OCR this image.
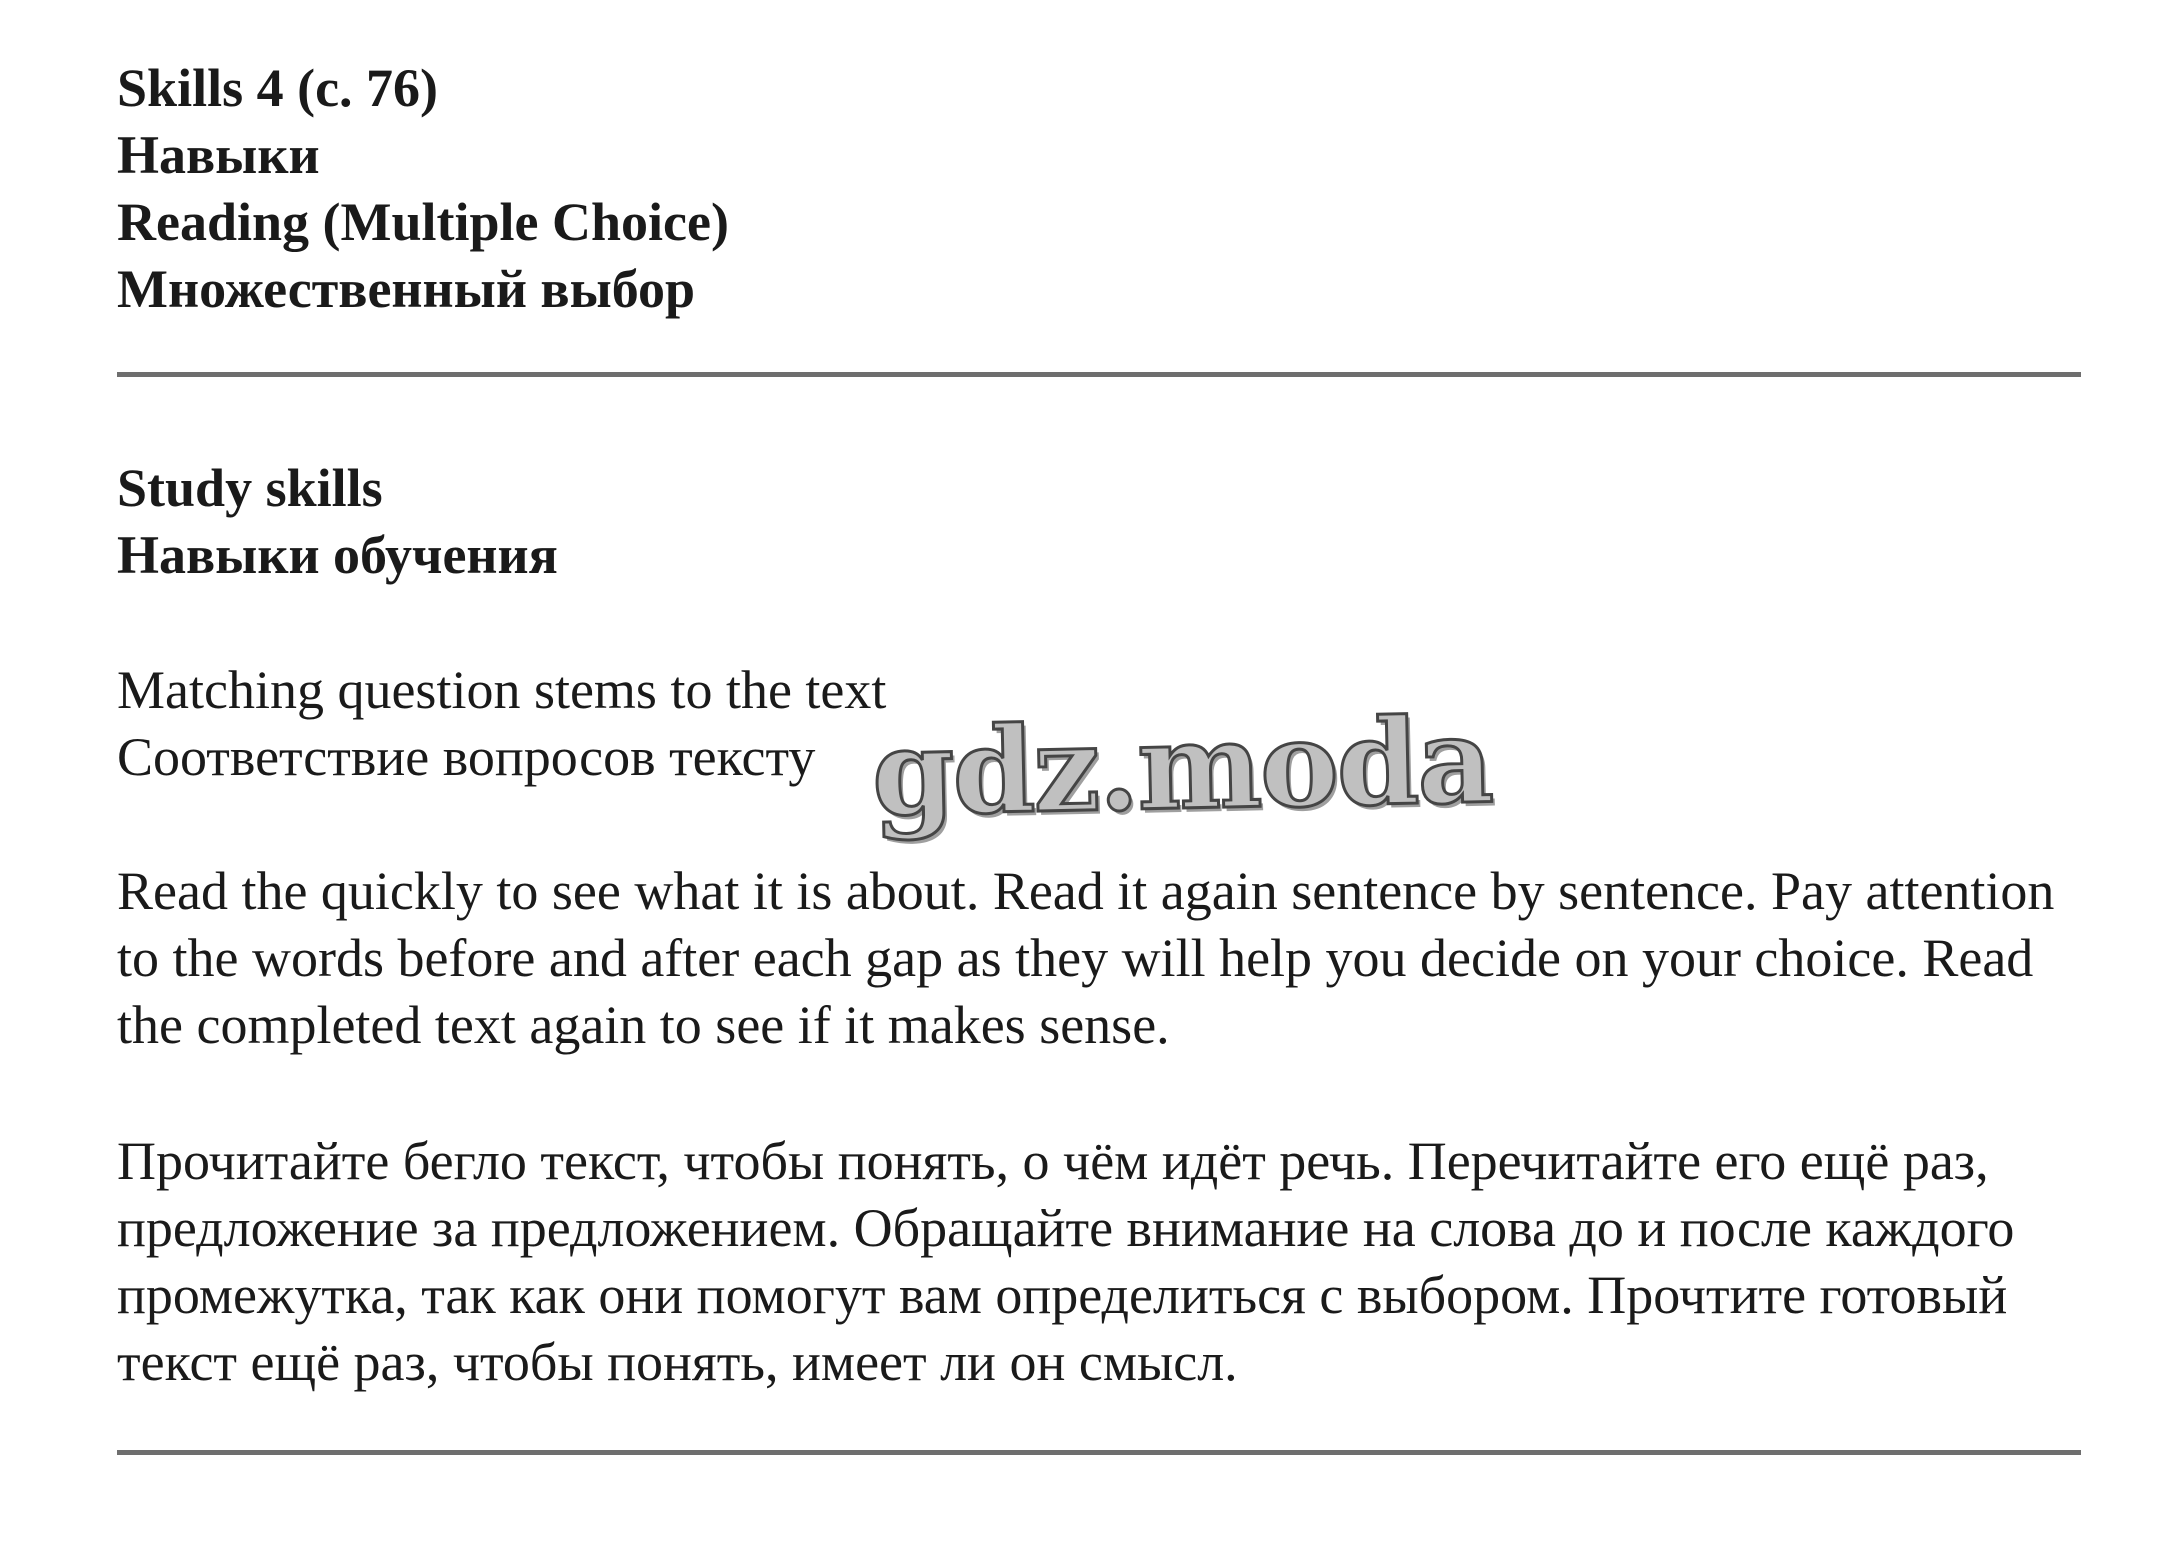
Skills 4 (с. 76)

Навыки

Reading (Multiple Choice)

Множественный выбор

Study skills

Навыки обучения

Matching question stems to the text

Соответствие вопросов тексту

Read the quickly to see what it is about. Read it again sentence by sentence. Pay attention to the words before and after each gap as they will help you decide on your choice. Read the completed text again to see if it makes sense.

Прочитайте бегло текст, чтобы понять, о чём идёт речь. Перечитайте его ещё раз, предложение за предложением. Обращайте внимание на слова до и после каждого промежутка, так как они помогут вам определиться с выбором. Прочтите готовый текст ещё раз, чтобы понять, имеет ли он смысл.

gdz.moda
